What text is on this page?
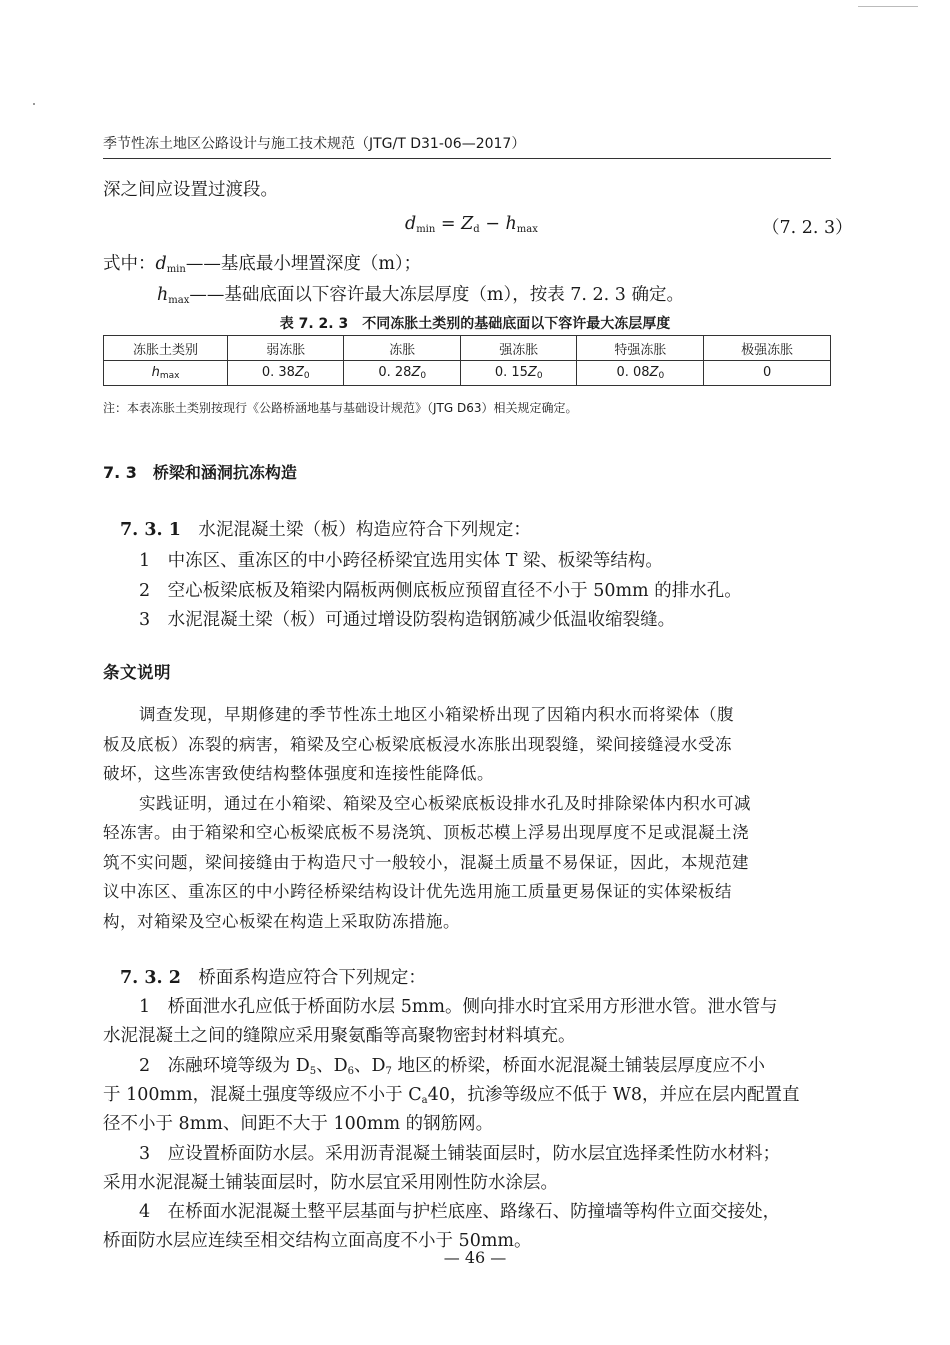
季节性冻土地区公路设计与施工技术规范（JTG/T D31-06—2017）
深之间应设置过渡段。
$d_{min} = Z_d - h_{max}$	（7. 2. 3）
式中：$d_{min}——$基底最小埋置深度（m）；
$h_{max}——$基础底面以下容许最大冻层厚度（m），按表 7. 2. 3 确定。
表 7. 2. 3　不同冻胀土类别的基础底面以下容许最大冻层厚度
冻胀土类别	弱冻胀	冻胀	强冻胀	特强冻胀	极强冻胀
hmax	0. 38Z0	0. 28Z0	0. 15Z0	0. 08Z0	0
注：本表冻胀土类别按现行《公路桥涵地基与基础设计规范》（JTG D63）相关规定确定。
7. 3　桥梁和涵洞抗冻构造
7. 3. 1　 水泥混凝土梁（板）构造应符合下列规定：
1　中冻区、重冻区的中小跨径桥梁宜选用实体 T 梁、板梁等结构。
2　空心板梁底板及箱梁内隔板两侧底板应预留直径不小于 50mm 的排水孔。
3　水泥混凝土梁（板）可通过增设防裂构造钢筋减少低温收缩裂缝。
条文说明
调查发现，早期修建的季节性冻土地区小箱梁桥出现了因箱内积水而将梁体（腹
板及底板）冻裂的病害，箱梁及空心板梁底板浸水冻胀出现裂缝，梁间接缝浸水受冻
破坏，这些冻害致使结构整体强度和连接性能降低。
实践证明，通过在小箱梁、箱梁及空心板梁底板设排水孔及时排除梁体内积水可减
轻冻害。由于箱梁和空心板梁底板不易浇筑、顶板芯模上浮易出现厚度不足或混凝土浇
筑不实问题，梁间接缝由于构造尺寸一般较小，混凝土质量不易保证，因此，本规范建
议中冻区、重冻区的中小跨径桥梁结构设计优先选用施工质量更易保证的实体梁板结
构，对箱梁及空心板梁在构造上采取防冻措施。
7. 3. 2　 桥面系构造应符合下列规定：
1　桥面泄水孔应低于桥面防水层 5mm。侧向排水时宜采用方形泄水管。泄水管与
水泥混凝土之间的缝隙应采用聚氨酯等高聚物密封材料填充。
2　冻融环境等级为 $D_5$、$D_6$、$D_7$ 地区的桥梁，桥面水泥混凝土铺装层厚度应不小
于 100mm，混凝土强度等级应不小于 $C_a40$，抗渗等级应不低于 W8，并应在层内配置直
径不小于 8mm、间距不大于 100mm 的钢筋网。
3　应设置桥面防水层。采用沥青混凝土铺装面层时，防水层宜选择柔性防水材料；
采用水泥混凝土铺装面层时，防水层宜采用刚性防水涂层。
4　在桥面水泥混凝土整平层基面与护栏底座、路缘石、防撞墙等构件立面交接处，
桥面防水层应连续至相交结构立面高度不小于 50mm。
— 46 —
